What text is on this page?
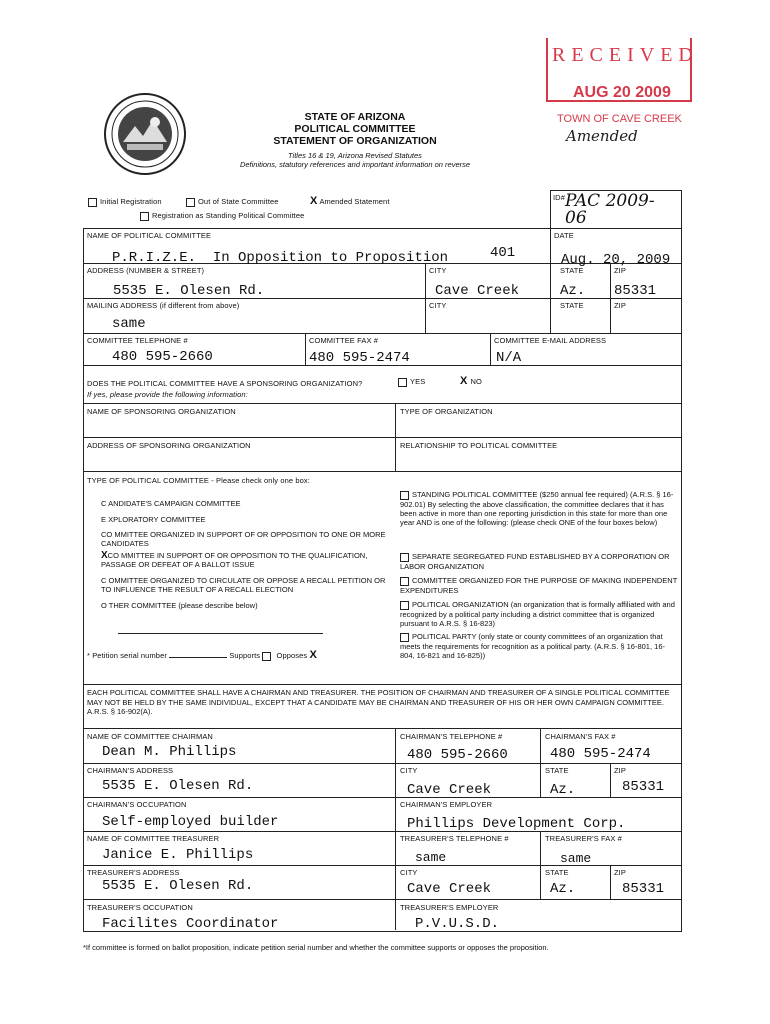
STATE OF ARIZONA
POLITICAL COMMITTEE
STATEMENT OF ORGANIZATION
Titles 16 & 19, Arizona Revised Statutes
Definitions, statutory references and important information on reverse
RECEIVED
AUG 20 2009
TOWN OF CAVE CREEK
Amended
Initial Registration	Out of State Committee	X Amended Statement
Registration as Standing Political Committee
ID# PAC 2009-06
NAME OF POLITICAL COMMITTEE
P.R.I.Z.E.  In Opposition to Proposition	401
DATE
Aug. 20, 2009
ADDRESS (NUMBER & STREET)
5535 E. Olesen Rd.
CITY
Cave Creek
STATE
Az.
ZIP
85331
MAILING ADDRESS (if different from above)
same
CITY	STATE	ZIP
COMMITTEE TELEPHONE #
480 595-2660
COMMITTEE FAX #
480 595-2474
COMMITTEE E-MAIL ADDRESS
N/A
DOES THE POLITICAL COMMITTEE HAVE A SPONSORING ORGANIZATION?	YES	X NO
If yes, please provide the following information:
NAME OF SPONSORING ORGANIZATION	TYPE OF ORGANIZATION
ADDRESS OF SPONSORING ORGANIZATION	RELATIONSHIP TO POLITICAL COMMITTEE
TYPE OF POLITICAL COMMITTEE - Please check only one box:
C ANDIDATE'S CAMPAIGN COMMITTEE
E XPLORATORY COMMITTEE
CO MMITTEE ORGANIZED IN SUPPORT OF OR OPPOSITION TO ONE OR MORE CANDIDATES
XCO MMITTEE IN SUPPORT OF OR OPPOSITION TO THE QUALIFICATION, PASSAGE OR DEFEAT OF A BALLOT ISSUE
C OMMITTEE ORGANIZED TO CIRCULATE OR OPPOSE A RECALL PETITION OR TO INFLUENCE THE RESULT OF A RECALL ELECTION
O THER COMMITTEE (please describe below)
* Petition serial number	Supports Opposes X
STANDING POLITICAL COMMITTEE ($250 annual fee required) (A.R.S. § 16-902.01) By selecting the above classification, the committee declares that it has been active in more than one reporting jurisdiction in this state for more than one year AND is one of the following: (please check ONE of the four boxes below)
SEPARATE SEGREGATED FUND ESTABLISHED BY A CORPORATION OR LABOR ORGANIZATION
COMMITTEE ORGANIZED FOR THE PURPOSE OF MAKING INDEPENDENT EXPENDITURES
POLITICAL ORGANIZATION (an organization that is formally affiliated with and recognized by a political party including a district committee that is organized pursuant to A.R.S. § 16-823)
POLITICAL PARTY (only state or county committees of an organization that meets the requirements for recognition as a political party. (A.R.S. § 16-801, 16-804, 16-821 and 16-825))
EACH POLITICAL COMMITTEE SHALL HAVE A CHAIRMAN AND TREASURER. THE POSITION OF CHAIRMAN AND TREASURER OF A SINGLE POLITICAL COMMITTEE MAY NOT BE HELD BY THE SAME INDIVIDUAL, EXCEPT THAT A CANDIDATE MAY BE CHAIRMAN AND TREASURER OF HIS OR HER OWN CAMPAIGN COMMITTEE. A.R.S. § 16-902(A).
NAME OF COMMITTEE CHAIRMAN
Dean M. Phillips
CHAIRMAN'S TELEPHONE #
480 595-2660
CHAIRMAN'S FAX #
480 595-2474
CHAIRMAN'S ADDRESS
5535 E. Olesen Rd.
CITY
Cave Creek
STATE
Az.
ZIP
85331
CHAIRMAN'S OCCUPATION
Self-employed builder
CHAIRMAN'S EMPLOYER
Phillips Development Corp.
NAME OF COMMITTEE TREASURER
Janice E. Phillips
TREASURER'S TELEPHONE #
same
TREASURER'S FAX #
same
TREASURER'S ADDRESS
5535 E. Olesen Rd.
CITY
Cave Creek
STATE
Az.
ZIP
85331
TREASURER'S OCCUPATION
Facilites Coordinator
TREASURER'S EMPLOYER
P.V.U.S.D.
*If committee is formed on ballot proposition, indicate petition serial number and whether the committee supports or opposes the proposition.
